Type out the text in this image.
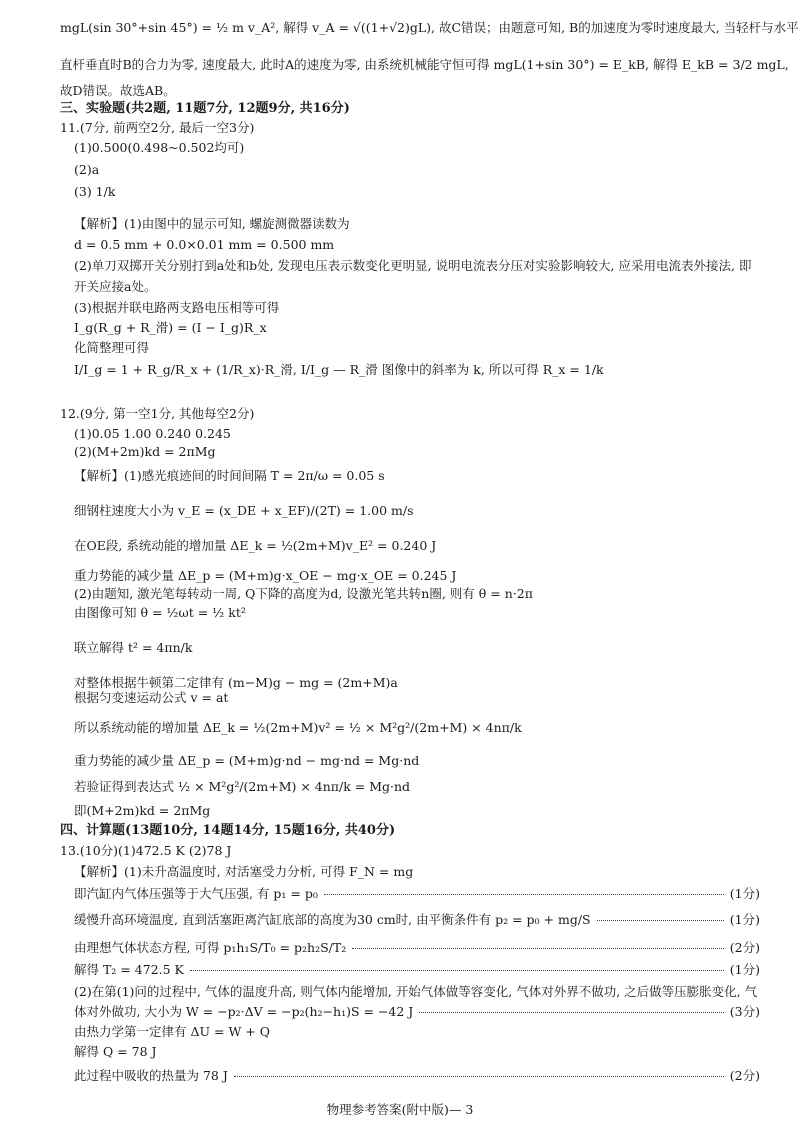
mgL(sin 30°+sin 45°) = ½ m v_A², 解得 v_A = √((1+√2)gL), 故C错误；由题意可知, B的加速度为零时速度最大, 当轻杆与水平
直杆垂直时B的合力为零, 速度最大, 此时A的速度为零, 由系统机械能守恒可得 mgL(1+sin 30°) = E_kB, 解得 E_kB = 3/2 mgL,
故D错误。故选AB。
三、实验题(共2题, 11题7分, 12题9分, 共16分)
11.(7分, 前两空2分, 最后一空3分)
(1)0.500(0.498~0.502均可)
(2)a
(3) 1/k
【解析】(1)由图中的显示可知, 螺旋测微器读数为
d = 0.5 mm + 0.0×0.01 mm = 0.500 mm
(2)单刀双掷开关分别打到a处和b处, 发现电压表示数变化更明显, 说明电流表分压对实验影响较大, 应采用电流表外接法, 即
开关应接a处。
(3)根据并联电路两支路电压相等可得
I_g(R_g + R_滑) = (I − I_g)R_x
化简整理可得
I/I_g = 1 + R_g/R_x + (1/R_x)·R_滑, I/I_g — R_滑 图像中的斜率为 k, 所以可得 R_x = 1/k
12.(9分, 第一空1分, 其他每空2分)
(1)0.05 1.00 0.240 0.245
(2)(M+2m)kd = 2πMg
【解析】(1)感光痕迹间的时间间隔 T = 2π/ω = 0.05 s
细钢柱速度大小为 v_E = (x_DE + x_EF)/(2T) = 1.00 m/s
在OE段, 系统动能的增加量 ΔE_k = ½(2m+M)v_E² = 0.240 J
重力势能的减少量 ΔE_p = (M+m)g·x_OE − mg·x_OE = 0.245 J
(2)由题知, 激光笔每转动一周, Q下降的高度为d, 设激光笔共转n圈, 则有 θ = n·2π
由图像可知 θ = ½ωt = ½ kt²
联立解得 t² = 4πn/k
对整体根据牛顿第二定律有 (m−M)g − mg = (2m+M)a
根据匀变速运动公式 v = at
所以系统动能的增加量 ΔE_k = ½(2m+M)v² = ½ × M²g²/(2m+M) × 4nπ/k
重力势能的减少量 ΔE_p = (M+m)g·nd − mg·nd = Mg·nd
若验证得到表达式 ½ × M²g²/(2m+M) × 4nπ/k = Mg·nd
即(M+2m)kd = 2πMg
四、计算题(13题10分, 14题14分, 15题16分, 共40分)
13.(10分)(1)472.5 K (2)78 J
【解析】(1)未升高温度时, 对活塞受力分析, 可得 F_N = mg
即汽缸内气体压强等于大气压强, 有 p₁ = p₀	(1分)
缓慢升高环境温度, 直到活塞距离汽缸底部的高度为30 cm时, 由平衡条件有 p₂ = p₀ + mg/S	(1分)
由理想气体状态方程, 可得 p₁h₁S/T₀ = p₂h₂S/T₂	(2分)
解得 T₂ = 472.5 K	(1分)
(2)在第(1)问的过程中, 气体的温度升高, 则气体内能增加, 开始气体做等容变化, 气体对外界不做功, 之后做等压膨胀变化, 气
体对外做功, 大小为 W = −p₂·ΔV = −p₂(h₂−h₁)S = −42 J	(3分)
由热力学第一定律有 ΔU = W + Q
解得 Q = 78 J
此过程中吸收的热量为 78 J	(2分)
物理参考答案(附中版)— 3
